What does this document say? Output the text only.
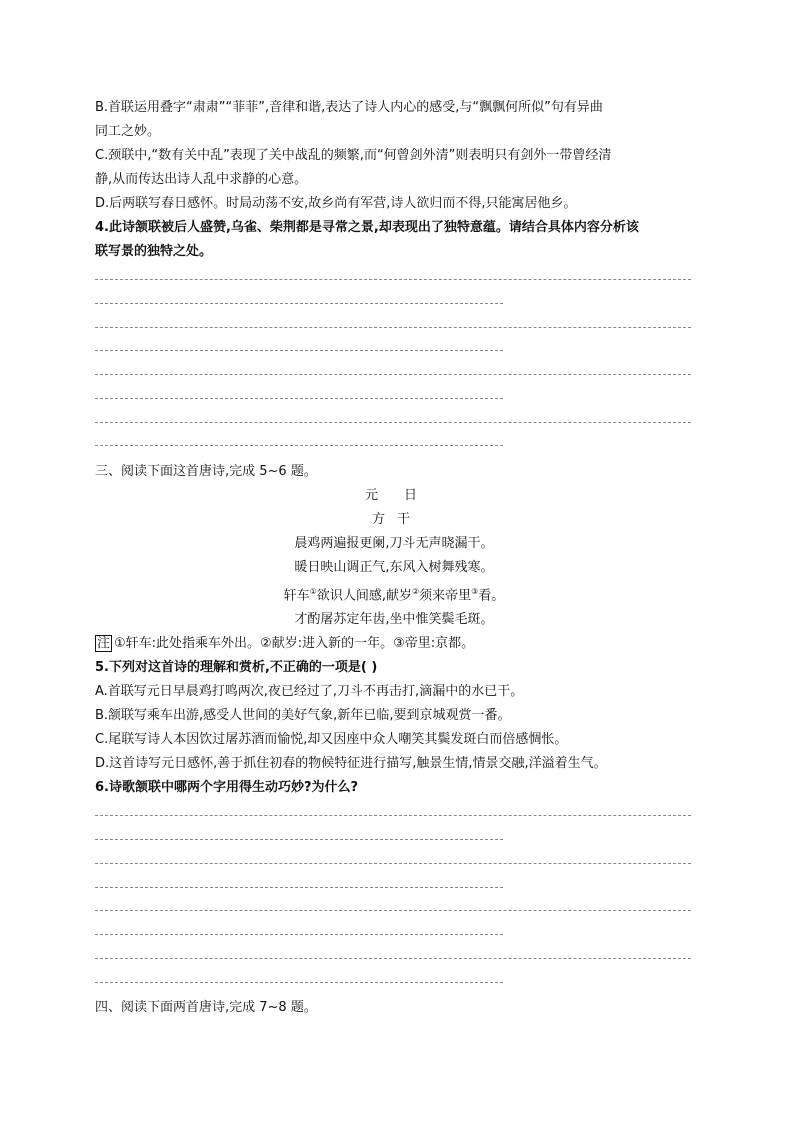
B.首联运用叠字“肃肃”“菲菲”,音律和谐,表达了诗人内心的感受,与“飘飘何所似”句有异曲
同工之妙。
C.颈联中,“数有关中乱”表现了关中战乱的频繁,而“何曾剑外清”则表明只有剑外一带曾经清
静,从而传达出诗人乱中求静的心意。
D.后两联写春日感怀。时局动荡不安,故乡尚有军营,诗人欲归而不得,只能寓居他乡。
4.此诗颔联被后人盛赞,乌雀、柴荆都是寻常之景,却表现出了独特意蕴。请结合具体内容分析该
联写景的独特之处。
三、阅读下面这首唐诗,完成 5~6 题。
元日
方干
晨鸡两遍报更阑,刀斗无声晓漏干。
暖日映山调正气,东风入树舞残寒。
轩车①欲识人间感,献岁②须来帝里③看。
才酌屠苏定年齿,坐中惟笑鬓毛斑。
注 ①轩车:此处指乘车外出。②献岁:进入新的一年。③帝里:京都。
5.下列对这首诗的理解和赏析,不正确的一项是( )
A.首联写元日早晨鸡打鸣两次,夜已经过了,刀斗不再击打,滴漏中的水已干。
B.颔联写乘车出游,感受人世间的美好气象,新年已临,要到京城观赏一番。
C.尾联写诗人本因饮过屠苏酒而愉悦,却又因座中众人嘲笑其鬓发斑白而倍感惆怅。
D.这首诗写元日感怀,善于抓住初春的物候特征进行描写,触景生情,情景交融,洋溢着生气。
6.诗歌颔联中哪两个字用得生动巧妙?为什么?
四、阅读下面两首唐诗,完成 7~8 题。
